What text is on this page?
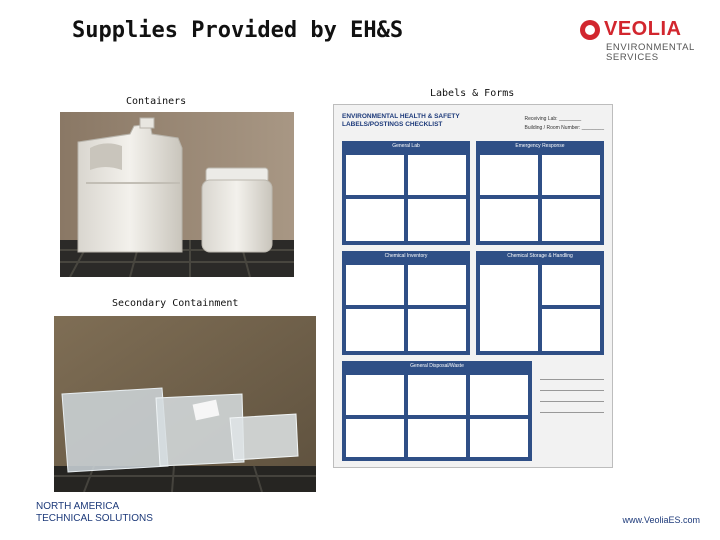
Supplies Provided by EH&S	VEOLIA
ENVIRONMENTAL
SERVICES
Containers
Labels & Forms
Secondary Containment
ENVIRONMENTAL HEALTH & SAFETY
LABELS/POSTINGS CHECKLIST
Receiving Lab: ________
Building / Room Number: ________
General Lab	Emergency Response
Chemical Inventory	Chemical Storage & Handling
General Disposal/Waste
NORTH AMERICA
TECHNICAL SOLUTIONS	www.VeoliaES.com
